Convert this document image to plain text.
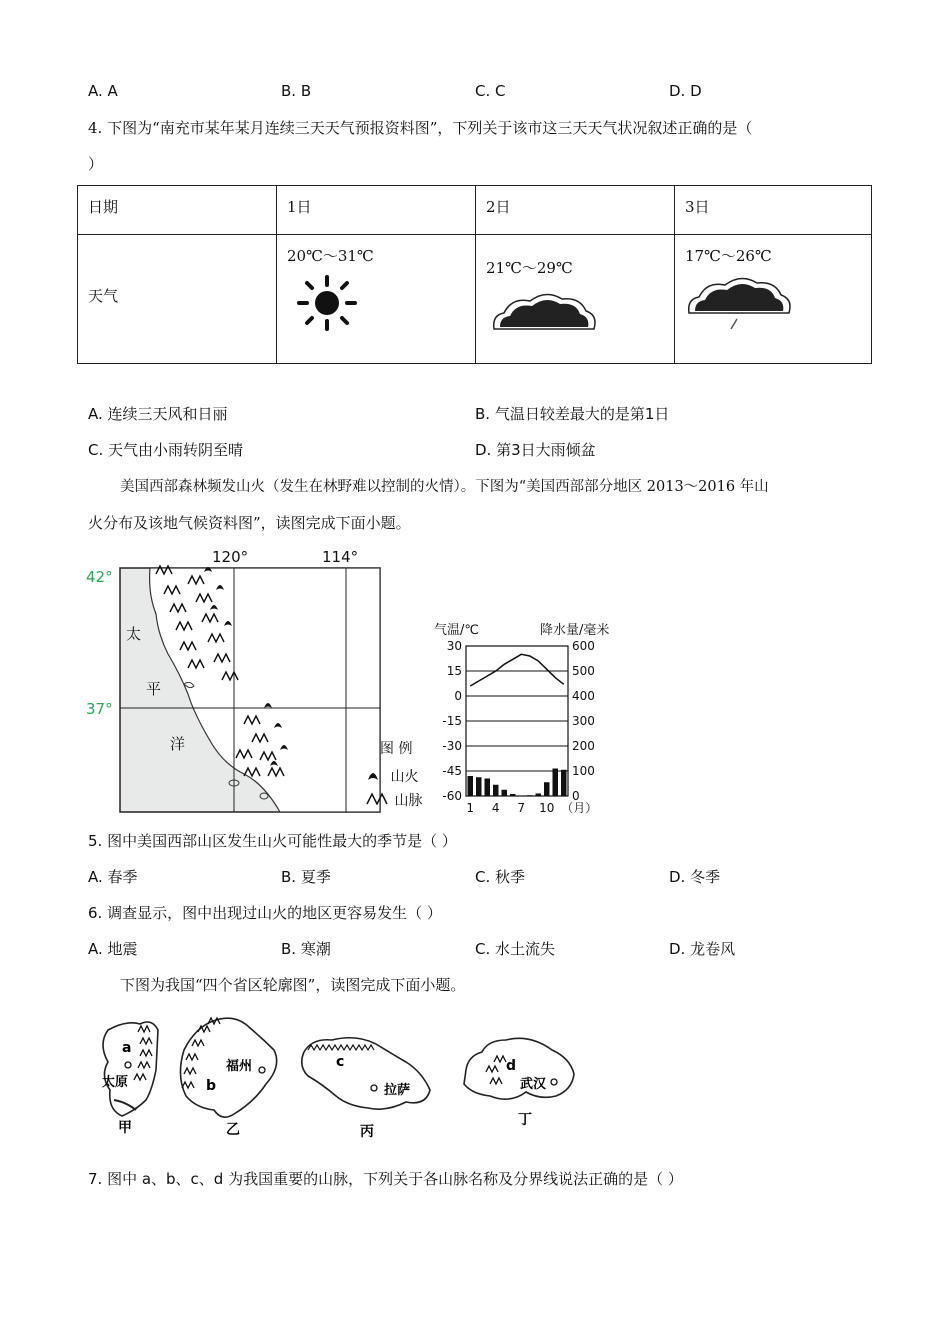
A. A	B. B	C. C	D. D
4. 下图为“南充市某年某月连续三天天气预报资料图”，下列关于该市这三天天气状况叙述正确的是（
）
日期	1日	2日	3日

天气	20℃～31℃	21℃～29℃	17℃～26℃
A. 连续三天风和日丽	B. 气温日较差最大的是第1日
C. 天气由小雨转阴至晴	D. 第3日大雨倾盆
美国西部森林频发山火（发生在林野难以控制的火情）。下图为“美国西部部分地区 2013～2016 年山
火分布及该地气候资料图”，读图完成下面小题。
120°	114°
42°
37°
太
平
洋	图 例
山火
山脉
气温/℃	降水量/毫米
30
15
0
-15
-30
-45
-60
600
500
400
300
200
100
0
1 4 7 10 （月）
5. 图中美国西部山区发生山火可能性最大的季节是（ ）
A. 春季	B. 夏季	C. 秋季	D. 冬季
6. 调查显示，图中出现过山火的地区更容易发生（ ）
A. 地震	B. 寒潮	C. 水土流失	D. 龙卷风
下图为我国“四个省区轮廓图”，读图完成下面小题。
a
太原
甲
福州
b
乙
c
拉萨
丙
d
武汉
丁
7. 图中 a、b、c、d 为我国重要的山脉，下列关于各山脉名称及分界线说法正确的是（ ）
